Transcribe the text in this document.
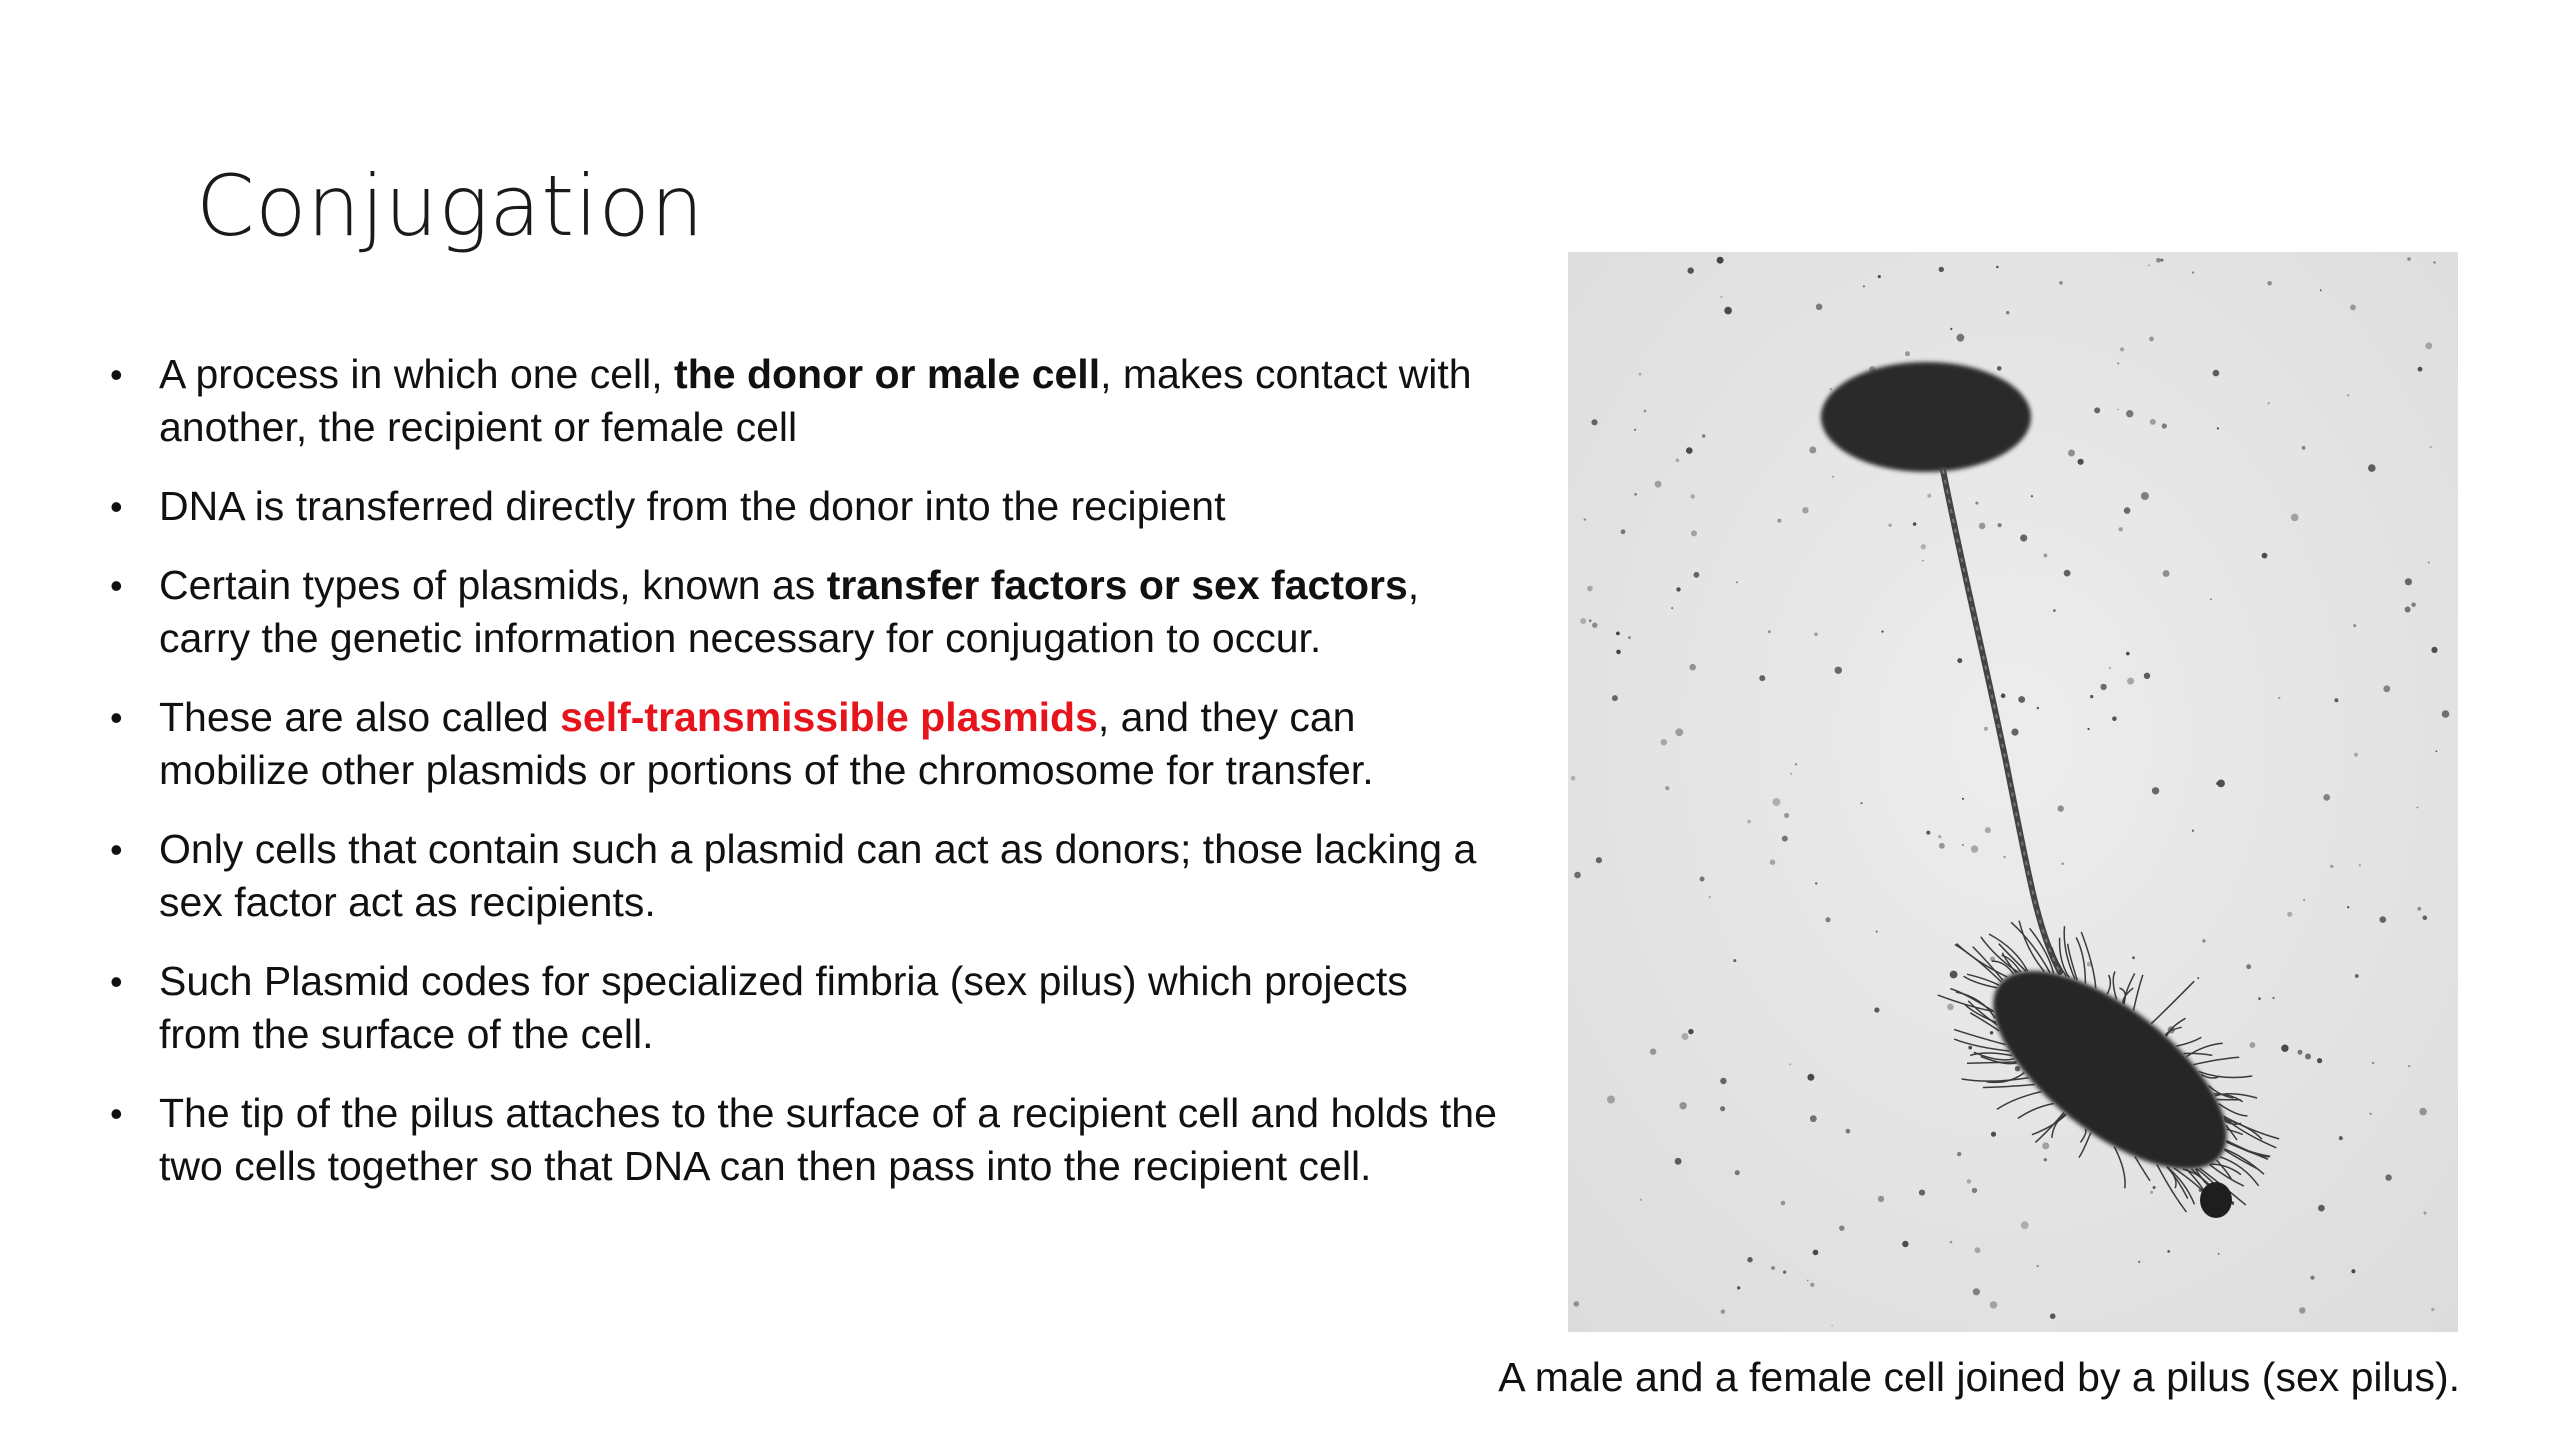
Conjugation
• A process in which one cell, the donor or male cell, makes contact with another, the recipient or female cell
• DNA is transferred directly from the donor into the recipient
• Certain types of plasmids, known as transfer factors or sex factors, carry the genetic information necessary for conjugation to occur.
• These are also called self-transmissible plasmids, and they can mobilize other plasmids or portions of the chromosome for transfer.
• Only cells that contain such a plasmid can act as donors; those lacking a sex factor act as recipients.
• Such Plasmid codes for specialized fimbria (sex pilus) which projects from the surface of the cell.
• The tip of the pilus attaches to the surface of a recipient cell and holds the two cells together so that DNA can then pass into the recipient cell.
A male and a female cell joined by a pilus (sex pilus).
